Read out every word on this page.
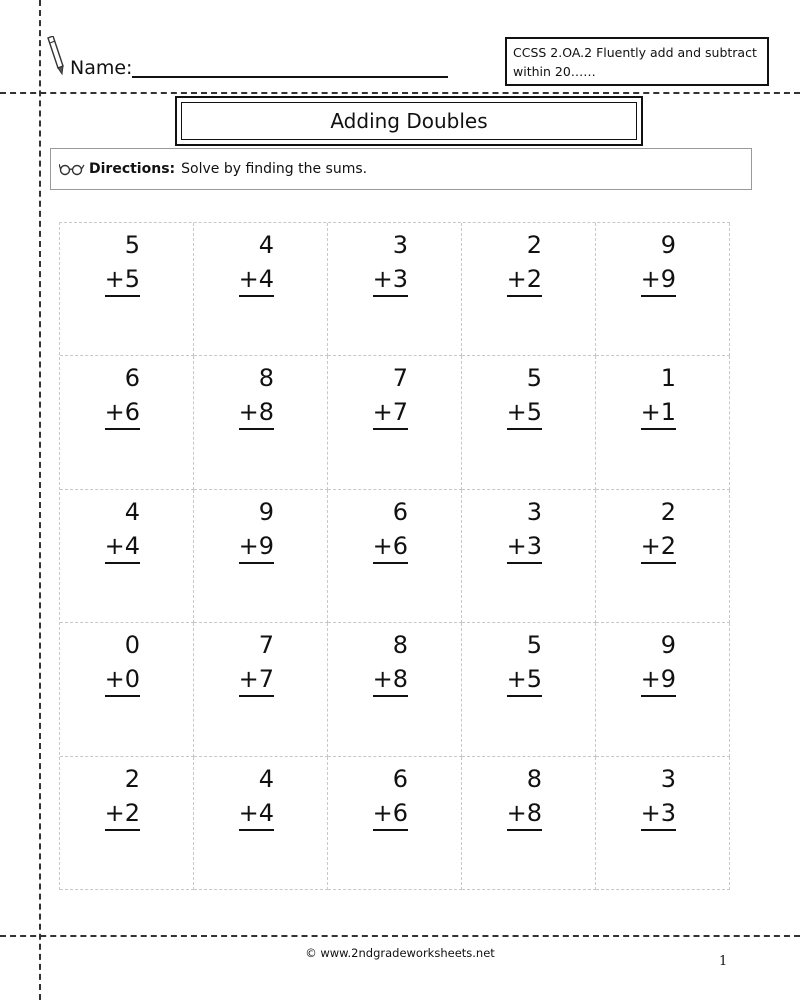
Name:
CCSS 2.OA.2 Fluently add and subtract within 20……
Adding Doubles
Directions: Solve by finding the sums.
5
+5
4
+4
3
+3
2
+2
9
+9
6
+6
8
+8
7
+7
5
+5
1
+1
4
+4
9
+9
6
+6
3
+3
2
+2
0
+0
7
+7
8
+8
5
+5
9
+9
2
+2
4
+4
6
+6
8
+8
3
+3
© www.2ndgradeworksheets.net
1
